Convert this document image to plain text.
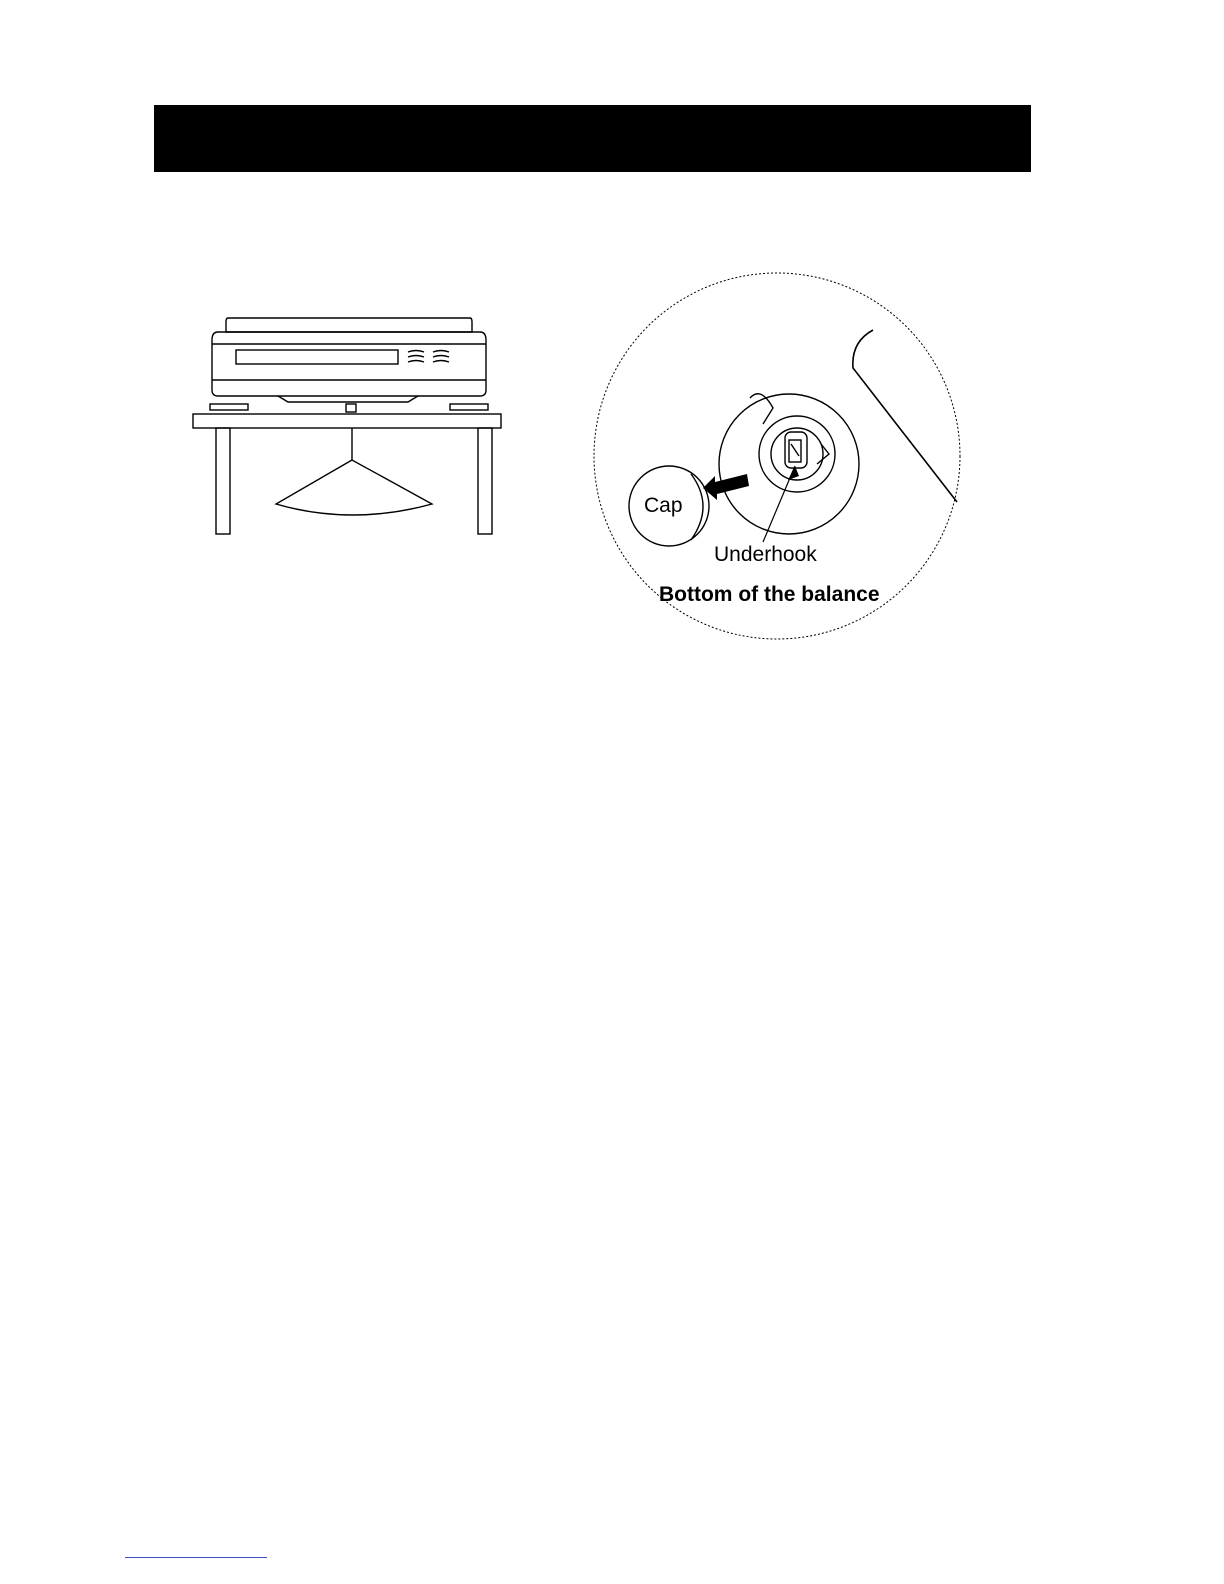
Cap
Underhook
Bottom of the balance
